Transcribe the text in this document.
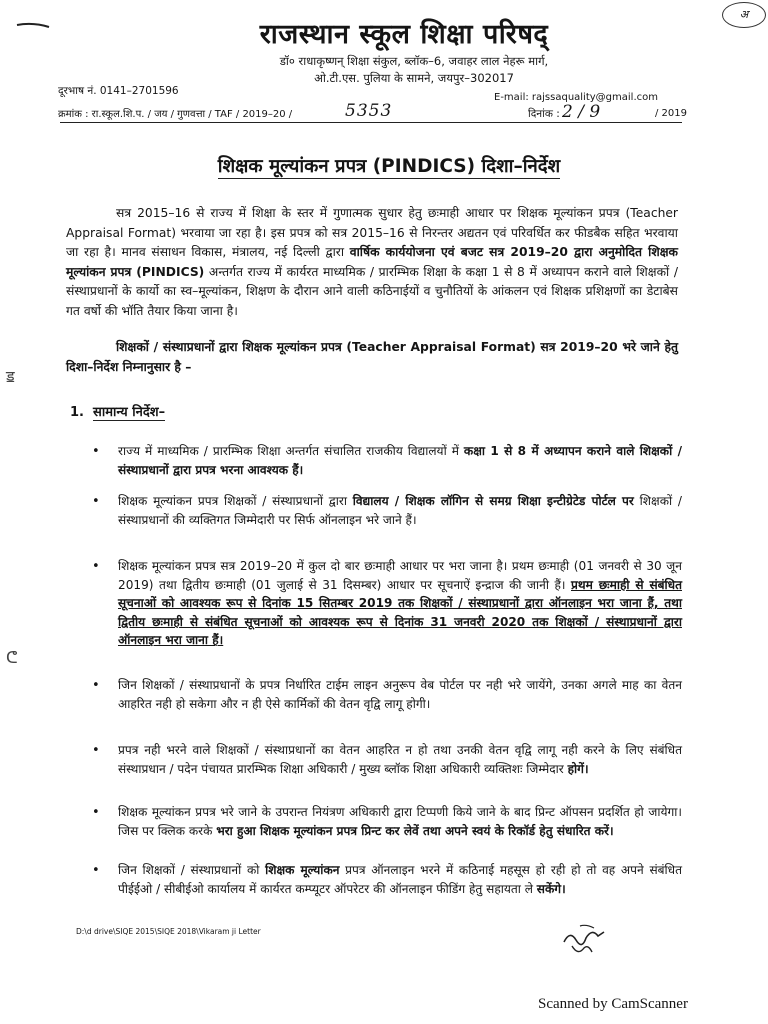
अ
राजस्थान स्कूल शिक्षा परिषद्
डॉ० राधाकृष्णन् शिक्षा संकुल, ब्लॉक–6, जवाहर लाल नेहरू मार्ग,
ओ.टी.एस. पुलिया के सामने, जयपुर–302017
दूरभाष नं. 0141–2701596
E-mail: rajssaquality@gmail.com
क्रमांक : रा.स्कूल.शि.प. / जय / गुणवत्ता / TAF / 2019–20 /	5353	दिनांक : 2 / 9	/ 2019
शिक्षक मूल्यांकन प्रपत्र (PINDICS) दिशा–निर्देश
सत्र 2015–16 से राज्य में शिक्षा के स्तर में गुणात्मक सुधार हेतु छःमाही आधार पर शिक्षक मूल्यांकन प्रपत्र (Teacher Appraisal Format) भरवाया जा रहा है। इस प्रपत्र को सत्र 2015–16 से निरन्तर अद्यतन एवं परिवर्धित कर फीडबैक सहित भरवाया जा रहा है। मानव संसाधन विकास, मंत्रालय, नई दिल्ली द्वारा वार्षिक कार्ययोजना एवं बजट सत्र 2019–20 द्वारा अनुमोदित शिक्षक मूल्यांकन प्रपत्र (PINDICS) अन्तर्गत राज्य में कार्यरत माध्यमिक / प्रारम्भिक शिक्षा के कक्षा 1 से 8 में अध्यापन कराने वाले शिक्षकों / संस्थाप्रधानों के कार्यो का स्व–मूल्यांकन, शिक्षण के दौरान आने वाली कठिनाईयों व चुनौतियों के आंकलन एवं शिक्षक प्रशिक्षणों का डेटाबेस गत वर्षो की भॉति तैयार किया जाना है।
शिक्षकों / संस्थाप्रधानों द्वारा शिक्षक मूल्यांकन प्रपत्र (Teacher Appraisal Format) सत्र 2019–20 भरे जाने हेतु दिशा–निर्देश निम्नानुसार है –
ॾ
ᕦ
1. सामान्य निर्देश–
•	राज्य में माध्यमिक / प्रारम्भिक शिक्षा अन्तर्गत संचालित राजकीय विद्यालयों में कक्षा 1 से 8 में अध्यापन कराने वाले शिक्षकों / संस्थाप्रधानों द्वारा प्रपत्र भरना आवश्यक हैं।
•	शिक्षक मूल्यांकन प्रपत्र शिक्षकों / संस्थाप्रधानों द्वारा विद्यालय / शिक्षक लॉगिन से समग्र शिक्षा इन्टीग्रेटेड पोर्टल पर शिक्षकों / संस्थाप्रधानों की व्यक्तिगत जिम्मेदारी पर सिर्फ ऑनलाइन भरे जाने हैं।
•	शिक्षक मूल्यांकन प्रपत्र सत्र 2019–20 में कुल दो बार छःमाही आधार पर भरा जाना है। प्रथम छःमाही (01 जनवरी से 30 जून 2019) तथा द्वितीय छःमाही (01 जुलाई से 31 दिसम्बर) आधार पर सूचनाऐं इन्द्राज की जानी हैं। प्रथम छःमाही से संबंधित सूचनाओं को आवश्यक रूप से दिनांक 15 सितम्बर 2019 तक शिक्षकों / संस्थाप्रधानों द्वारा ऑनलाइन भरा जाना हैं, तथा द्वितीय छःमाही से संबंधित सूचनाओं को आवश्यक रूप से दिनांक 31 जनवरी 2020 तक शिक्षकों / संस्थाप्रधानों द्वारा ऑनलाइन भरा जाना हैं।
•	जिन शिक्षकों / संस्थाप्रधानों के प्रपत्र निर्धारित टाईम लाइन अनुरूप वेब पोर्टल पर नही भरे जायेंगे, उनका अगले माह का वेतन आहरित नही हो सकेगा और न ही ऐसे कार्मिकों की वेतन वृद्वि लागू होगी।
•	प्रपत्र नही भरने वाले शिक्षकों / संस्थाप्रधानों का वेतन आहरित न हो तथा उनकी वेतन वृद्वि लागू नही करने के लिए संबंधित संस्थाप्रधान / पदेन पंचायत प्रारम्भिक शिक्षा अधिकारी / मुख्य ब्लॉक शिक्षा अधिकारी व्यक्तिशः जिम्मेदार होगें।
•	शिक्षक मूल्यांकन प्रपत्र भरे जाने के उपरान्त नियंत्रण अधिकारी द्वारा टिप्पणी किये जाने के बाद प्रिन्ट ऑपसन प्रदर्शित हो जायेगा। जिस पर क्लिक करके भरा हुआ शिक्षक मूल्यांकन प्रपत्र प्रिन्ट कर लेवें तथा अपने स्वयं के रिकॉर्ड हेतु संधारित करें।
•	जिन शिक्षकों / संस्थाप्रधानों को शिक्षक मूल्यांकन प्रपत्र ऑनलाइन भरने में कठिनाई महसूस हो रही हो तो वह अपने संबंधित पीईईओ / सीबीईओ कार्यालय में कार्यरत कम्प्यूटर ऑपरेटर की ऑनलाइन फीडिंग हेतु सहायता ले सकेंगे।
D:\d drive\SIQE 2015\SIQE 2018\Vikaram ji Letter
Scanned by CamScanner
